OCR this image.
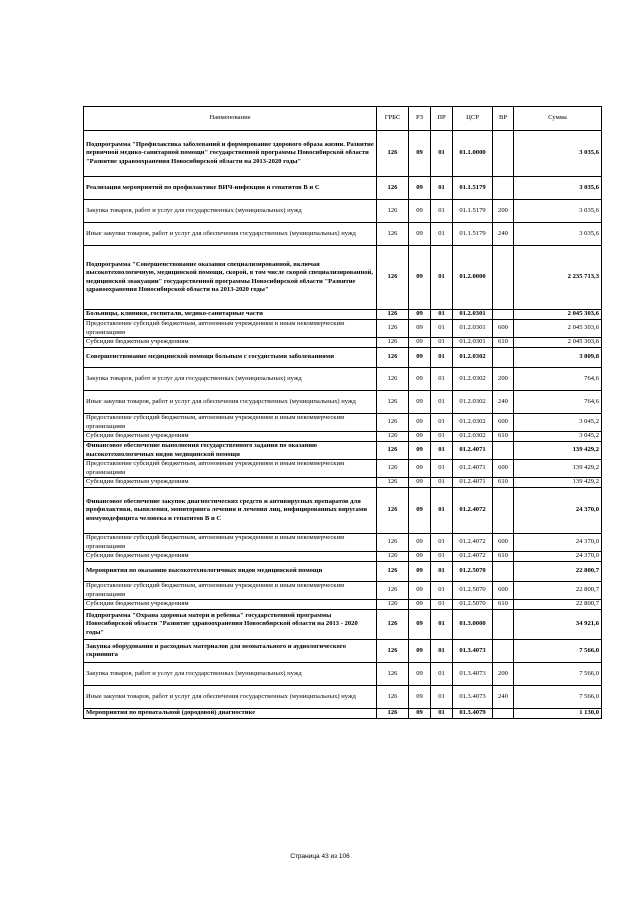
Наименование	ГРБС	РЗ	ПР	ЦСР	ВР	Сумма
Подпрограмма "Профилактика заболеваний и формирование здорового образа жизни. Развитие первичной медико-санитарной помощи" государственной программы Новосибирской области "Развитие здравоохранения Новосибирской области на 2013-2020 годы"	126	09	01	01.1.0000		3 035,6
Реализация мероприятий по профилактике ВИЧ-инфекции и гепатитов В и С	126	09	01	01.1.5179		3 035,6
Закупка товаров, работ и услуг для государственных (муниципальных) нужд	126	09	01	01.1.5179	200	3 035,6
Иные закупки товаров, работ и услуг для обеспечения государственных (муниципальных) нужд	126	09	01	01.1.5179	240	3 035,6
Подпрограмма "Совершенствование оказания специализированной, включая высокотехнологичную, медицинской помощи, скорой, в том числе скорой специализированной, медицинской эвакуации" государственной программы Новосибирской области "Развитие здравоохранения Новосибирской области на 2013-2020 годы"	126	09	01	01.2.0000		2 235 713,3
Больницы, клиники, госпитали, медико-санитарные части	126	09	01	01.2.0301		2 045 303,6
Предоставление субсидий бюджетным, автономным учреждениям и иным некоммерческим организациям	126	09	01	01.2.0301	600	2 045 303,6
Субсидии бюджетным учреждениям	126	09	01	01.2.0301	610	2 045 303,6
Совершенствование медицинской помощи больным с сосудистыми заболеваниями	126	09	01	01.2.0302		3 809,8
Закупка товаров, работ и услуг для государственных (муниципальных) нужд	126	09	01	01.2.0302	200	764,6
Иные закупки товаров, работ и услуг для обеспечения государственных (муниципальных) нужд	126	09	01	01.2.0302	240	764,6
Предоставление субсидий бюджетным, автономным учреждениям и иным некоммерческим организациям	126	09	01	01.2.0302	600	3 045,2
Субсидии бюджетным учреждениям	126	09	01	01.2.0302	610	3 045,2
Финансовое обеспечение выполнения государственного задания по оказанию высокотехнологичных видов медицинской помощи	126	09	01	01.2.4071		139 429,2
Предоставление субсидий бюджетным, автономным учреждениям и иным некоммерческим организациям	126	09	01	01.2.4071	600	139 429,2
Субсидии бюджетным учреждениям	126	09	01	01.2.4071	610	139 429,2
Финансовое обеспечение закупок диагностических средств и антивирусных препаратов для профилактики, выявления, мониторинга лечения и лечения лиц, инфицированных вирусами иммунодефицита человека и гепатитов В и С	126	09	01	01.2.4072		24 370,0
Предоставление субсидий бюджетным, автономным учреждениям и иным некоммерческим организациям	126	09	01	01.2.4072	600	24 370,0
Субсидии бюджетным учреждениям	126	09	01	01.2.4072	610	24 370,0
Мероприятия по оказанию высокотехнологичных видов медицинской помощи	126	09	01	01.2.5070		22 800,7
Предоставление субсидий бюджетным, автономным учреждениям и иным некоммерческим организациям	126	09	01	01.2.5070	600	22 800,7
Субсидии бюджетным учреждениям	126	09	01	01.2.5070	610	22 800,7
Подпрограмма "Охрана здоровья матери и ребенка" государственной программы Новосибирской области "Развитие здравоохранения Новосибирской области на 2013 - 2020 годы"	126	09	01	01.3.0000		34 921,6
Закупка оборудования и расходных материалов для неонатального и аудиологического скрининга	126	09	01	01.3.4073		7 566,0
Закупка товаров, работ и услуг для государственных (муниципальных) нужд	126	09	01	01.3.4073	200	7 566,0
Иные закупки товаров, работ и услуг для обеспечения государственных (муниципальных) нужд	126	09	01	01.3.4073	240	7 566,0
Мероприятия по пренатальной (дородовой) диагностике	126	09	01	01.3.4079		1 130,0
Страница 43 из 106
